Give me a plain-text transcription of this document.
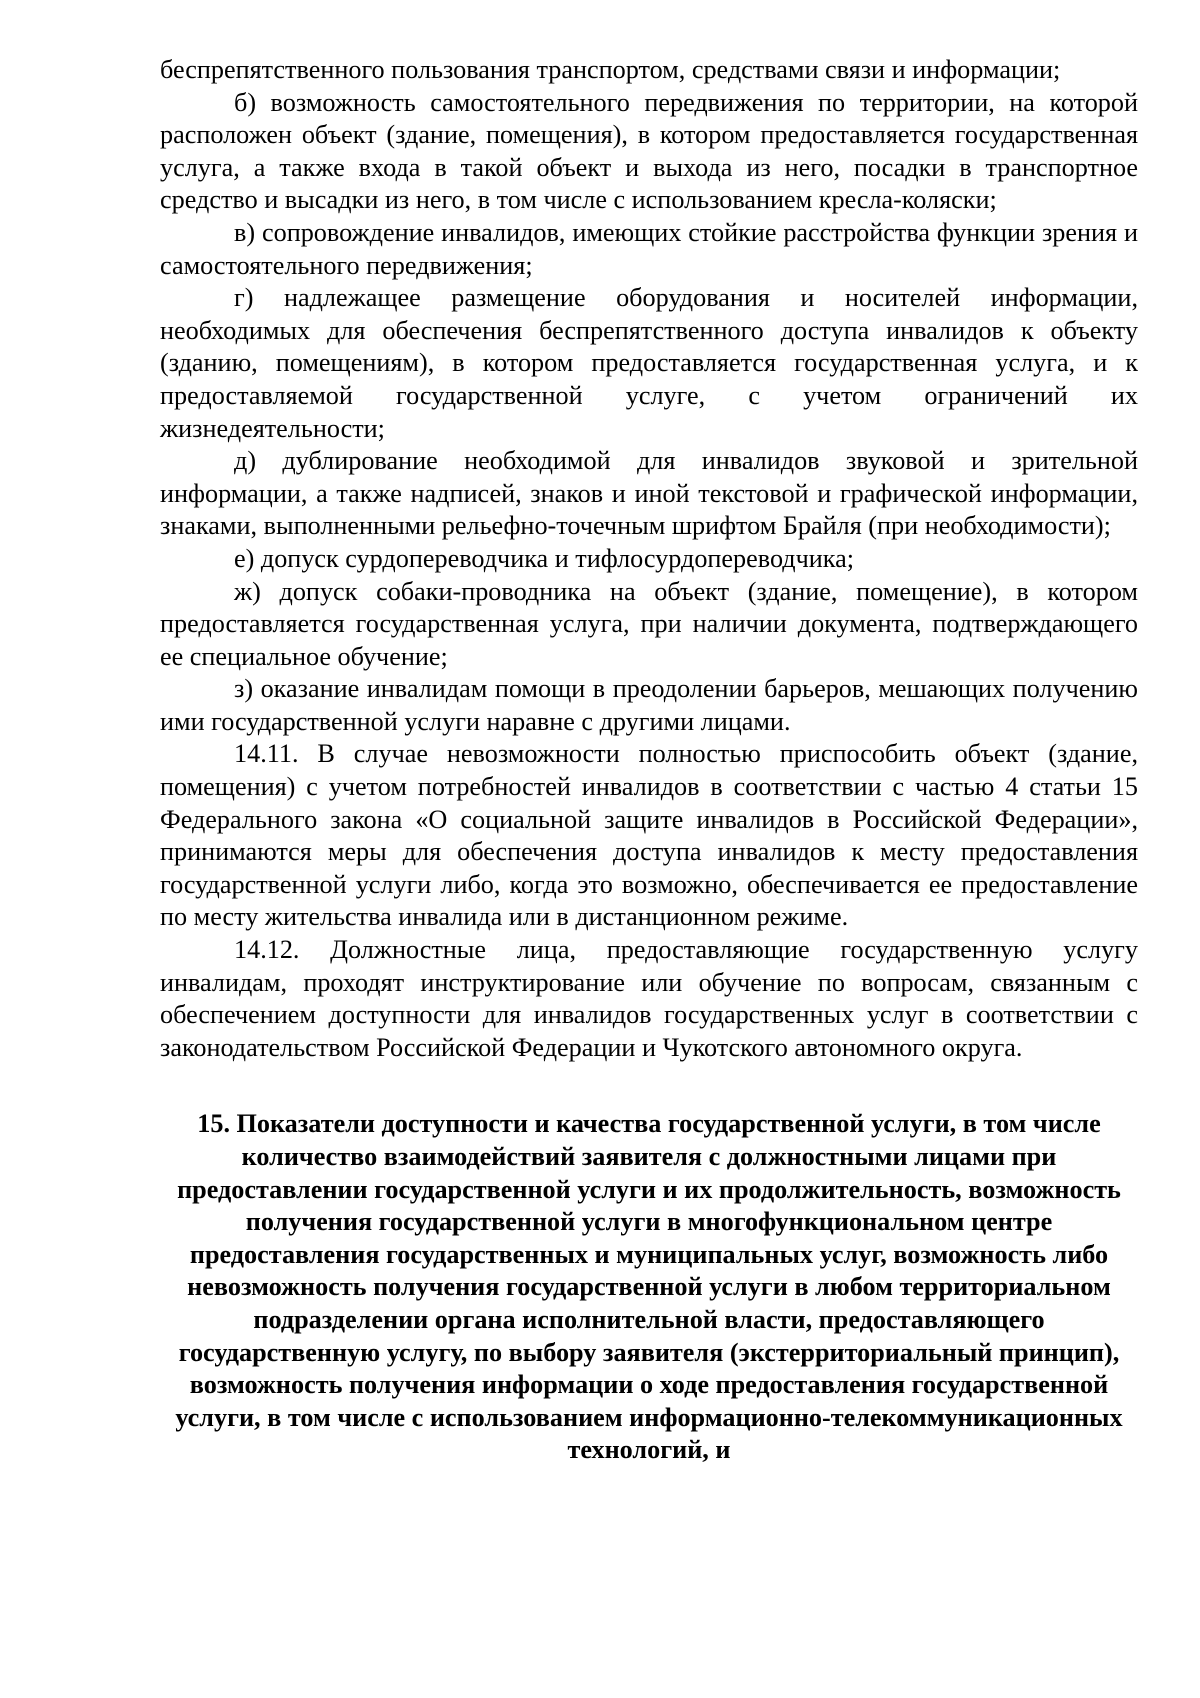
беспрепятственного пользования транспортом, средствами связи и информации;

б) возможность самостоятельного передвижения по территории, на которой расположен объект (здание, помещения), в котором предоставляется государственная услуга, а также входа в такой объект и выхода из него, посадки в транспортное средство и высадки из него, в том числе с использованием кресла-коляски;

в) сопровождение инвалидов, имеющих стойкие расстройства функции зрения и самостоятельного передвижения;

г) надлежащее размещение оборудования и носителей информации, необходимых для обеспечения беспрепятственного доступа инвалидов к объекту (зданию, помещениям), в котором предоставляется государственная услуга, и к предоставляемой государственной услуге, с учетом ограничений их жизнедеятельности;

д) дублирование необходимой для инвалидов звуковой и зрительной информации, а также надписей, знаков и иной текстовой и графической информации, знаками, выполненными рельефно-точечным шрифтом Брайля (при необходимости);

е) допуск сурдопереводчика и тифлосурдопереводчика;

ж) допуск собаки-проводника на объект (здание, помещение), в котором предоставляется государственная услуга, при наличии документа, подтверждающего ее специальное обучение;

з) оказание инвалидам помощи в преодолении барьеров, мешающих получению ими государственной услуги наравне с другими лицами.

14.11. В случае невозможности полностью приспособить объект (здание, помещения) с учетом потребностей инвалидов в соответствии с частью 4 статьи 15 Федерального закона «О социальной защите инвалидов в Российской Федерации», принимаются меры для обеспечения доступа инвалидов к месту предоставления государственной услуги либо, когда это возможно, обеспечивается ее предоставление по месту жительства инвалида или в дистанционном режиме.

14.12. Должностные лица, предоставляющие государственную услугу инвалидам, проходят инструктирование или обучение по вопросам, связанным с обеспечением доступности для инвалидов государственных услуг в соответствии с законодательством Российской Федерации и Чукотского автономного округа.

15. Показатели доступности и качества государственной услуги, в том числе количество взаимодействий заявителя с должностными лицами при предоставлении государственной услуги и их продолжительность, возможность получения государственной услуги в многофункциональном центре предоставления государственных и муниципальных услуг, возможность либо невозможность получения государственной услуги в любом территориальном подразделении органа исполнительной власти, предоставляющего государственную услугу, по выбору заявителя (экстерриториальный принцип), возможность получения информации о ходе предоставления государственной услуги, в том числе с использованием информационно-телекоммуникационных технологий, и
